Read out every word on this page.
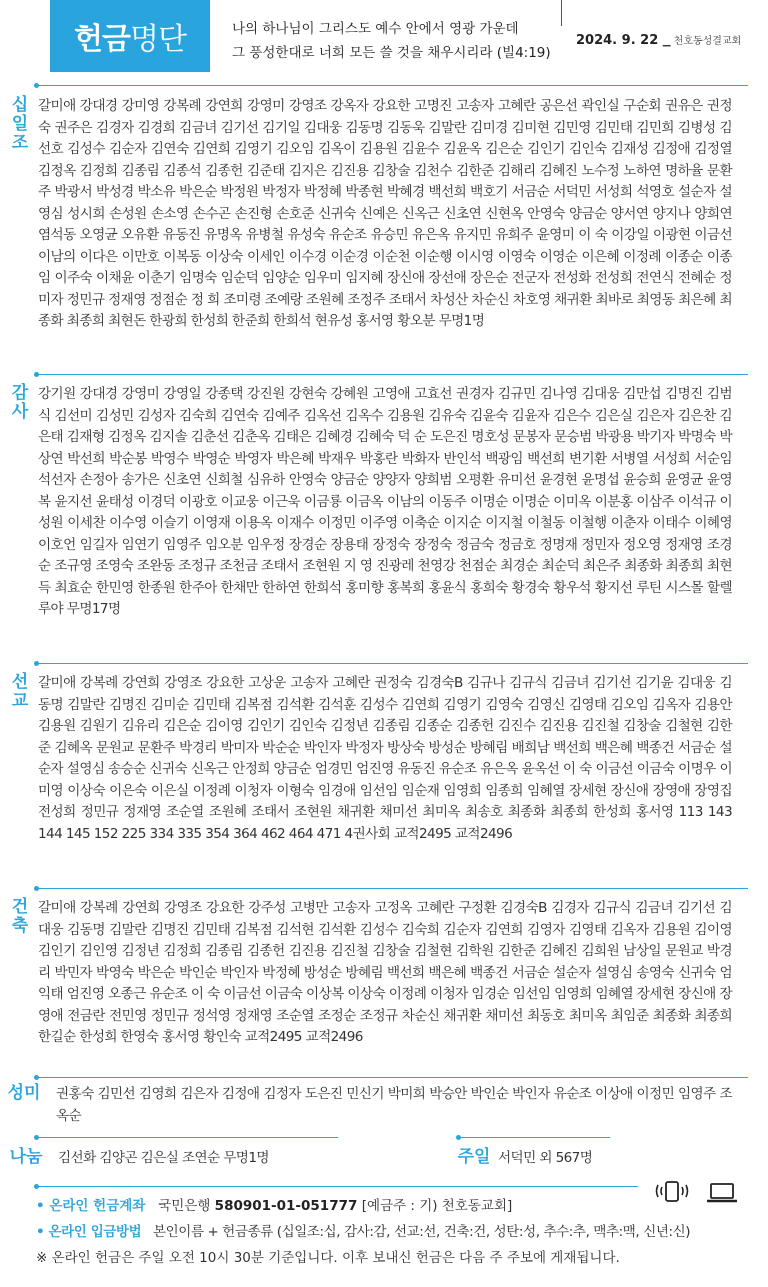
헌금 명단	나의 하나님이 그리스도 예수 안에서 영광 가운데
그 풍성한대로 너희 모든 쓸 것을 채우시리라 (빌4:19)
2024. 9. 22 ▁ 천호동성결교회
십
일
조
갈미애 강대경 강미영 강복례 강연희 강영미 강영조 강옥자 강요한 고명진 고송자 고혜란 공은선 곽인실 구순회 권유은 권정숙 권주은 김경자 김경희 김금녀 김기선 김기일 김대웅 김동명 김동욱 김말란 김미경 김미현 김민영 김민태 김민희 김병성 김선호 김성수 김순자 김연숙 김연희 김영기 김오임 김옥이 김용원 김윤수 김윤옥 김은순 김인기 김인숙 김재성 김정애 김정열 김정옥 김정희 김종림 김종석 김종헌 김준태 김지은 김진용 김창술 김천수 김한준 김해리 김혜진 노수정 노하연 명하율 문환주 박광서 박성경 박소유 박은순 박정원 박정자 박정혜 박종현 박혜경 백선희 백호기 서금순 서덕민 서성희 석영호 설순자 설영심 성시희 손성원 손소영 손수곤 손진형 손호준 신귀숙 신예은 신옥근 신초연 신현옥 안영숙 양금순 양서연 양지나 양희연 염석동 오영균 오유환 유동진 유명옥 유병철 유성숙 유순조 유승민 유은옥 유지민 유희주 윤영미 이 숙 이강일 이광현 이금선 이남의 이다은 이만호 이복동 이상숙 이세인 이수경 이순경 이순천 이순행 이시영 이영숙 이영순 이은혜 이정례 이종순 이종임 이주숙 이채윤 이춘기 임명숙 임순덕 임양순 임우미 임지혜 장신애 장선애 장은순 전군자 전성화 전성희 전연식 전혜순 정미자 정민규 정재영 정점순 정 희 조미령 조예랑 조원혜 조정주 조태서 차성산 차순신 차호영 채귀환 최바로 최영동 최은혜 최종화 최종희 최현돈 한광희 한성희 한준희 한희석 현유성 홍서영 황오분 무명1명
감
사
강기원 강대경 강영미 강영일 강종택 강진원 강현숙 강혜원 고영애 고효선 권경자 김규민 김나영 김대웅 김만섭 김명진 김범식 김선미 김성민 김성자 김숙희 김연숙 김예주 김옥선 김옥수 김용원 김유숙 김윤숙 김윤자 김은수 김은실 김은자 김은찬 김은태 김재형 김정옥 김지솔 김춘선 김춘옥 김태은 김혜경 김혜숙 덕 순 도은진 명호성 문봉자 문승범 박광용 박기자 박명숙 박상연 박선희 박순봉 박영수 박영순 박영자 박은혜 박재우 박홍란 박화자 반인석 백광임 백선희 변기환 서병열 서성희 서순임 석선자 손정아 송가은 신초연 신희철 심유하 안영숙 양금순 양양자 양희범 오평환 유미선 윤경현 윤명섭 윤승희 윤영균 윤영복 윤지선 윤태성 이경덕 이광호 이교웅 이근욱 이금룡 이금옥 이남의 이동주 이명순 이명순 이미옥 이분홍 이삼주 이석규 이성원 이세찬 이수영 이슬기 이영재 이용옥 이재수 이정민 이주영 이축순 이지순 이지철 이철동 이철행 이춘자 이태수 이혜영 이호언 임길자 임연기 임영주 임오분 임우정 장경순 장용태 장정숙 장정숙 정금숙 정금호 정명재 정민자 정오영 정재영 조경순 조규영 조영숙 조완동 조정규 조천금 조태서 조현원 지 영 진광레 천영강 천점순 최경순 최순덕 최은주 최종화 최종희 최현득 최효순 한민영 한종원 한주아 한채만 한하연 한희석 홍미향 홍복희 홍윤식 홍희숙 황경숙 황우석 황지선 루틴 시스몰 할렐루야 무명17명
선
교
갈미애 강복례 강연희 강영조 강요한 고상운 고송자 고혜란 권정숙 김경숙B 김규나 김규식 김금녀 김기선 김기윤 김대웅 김동명 김말란 김명진 김미순 김민태 김복점 김석환 김석훈 김성수 김연희 김영기 김영숙 김영신 김영태 김오임 김옥자 김용안 김용원 김원기 김유리 김은순 김이영 김인기 김인숙 김정년 김종림 김종순 김종헌 김진수 김진용 김진철 김창술 김철현 김한준 김혜옥 문원교 문환주 박경리 박미자 박순순 박인자 박정자 방상숙 방성순 방혜림 배희남 백선희 백은혜 백종건 서금순 설순자 설영심 송승순 신귀숙 신옥근 안정희 양금순 엄경민 엄진영 유동진 유순조 유은옥 윤옥선 이 숙 이금선 이금숙 이명우 이미영 이상숙 이은숙 이은실 이정례 이청자 이형숙 임경애 임선임 임순재 임영희 임종희 임혜열 장세현 장신애 장영애 장영집 전성희 정민규 정재영 조순열 조원혜 조태서 조현원 채귀환 채미선 최미옥 최송호 최종화 최종희 한성희 홍서영 113 143 144 145 152 225 334 335 354 364 462 464 471 4권사회 교적2495 교적2496
건
축
갈미애 강복례 강연희 강영조 강요한 강주성 고병만 고송자 고정옥 고혜란 구정환 김경숙B 김경자 김규식 김금녀 김기선 김대웅 김동명 김말란 김명진 김민태 김복점 김석현 김석환 김성수 김숙희 김순자 김연희 김영자 김영태 김옥자 김용원 김이영 김인기 김인영 김정년 김정희 김종림 김종헌 김진용 김진철 김창술 김철현 김학원 김한준 김혜진 김희원 남상일 문원교 박경리 박민자 박영숙 박은순 박인순 박인자 박정혜 방성순 방혜림 백선희 백은혜 백종건 서금순 설순자 설영심 송영숙 신귀숙 엄익태 엄진영 오종근 유순조 이 숙 이금선 이금숙 이상복 이상숙 이정례 이청자 임경순 임선임 임영희 임혜열 장세현 장신애 장영애 전금란 전민영 정민규 정석영 정재영 조순열 조정순 조정규 차순신 채귀환 채미선 최동호 최미옥 최임준 최종화 최종희 한길순 한성희 한영숙 홍서영 황인숙 교적2495 교적2496
성미	권홍숙 김민선 김영희 김은자 김정애 김정자 도은진 민신기 박미희 박승안 박인순 박인자 유순조 이상애 이정민 임영주 조옥순
나눔	김선화 김양곤 김은실 조연순 무명1명	주일 서덕민 외 567명
• 온라인 헌금계좌 국민은행 580901-01-051777 [예금주 : 기) 천호동교회]
• 온라인 입금방법 본인이름 + 헌금종류 (십일조:십, 감사:감, 선교:선, 건축:건, 성탄:성, 추수:추, 맥추:맥, 신년:신)
※ 온라인 헌금은 주일 오전 10시 30분 기준입니다. 이후 보내신 헌금은 다음 주 주보에 게재됩니다.
